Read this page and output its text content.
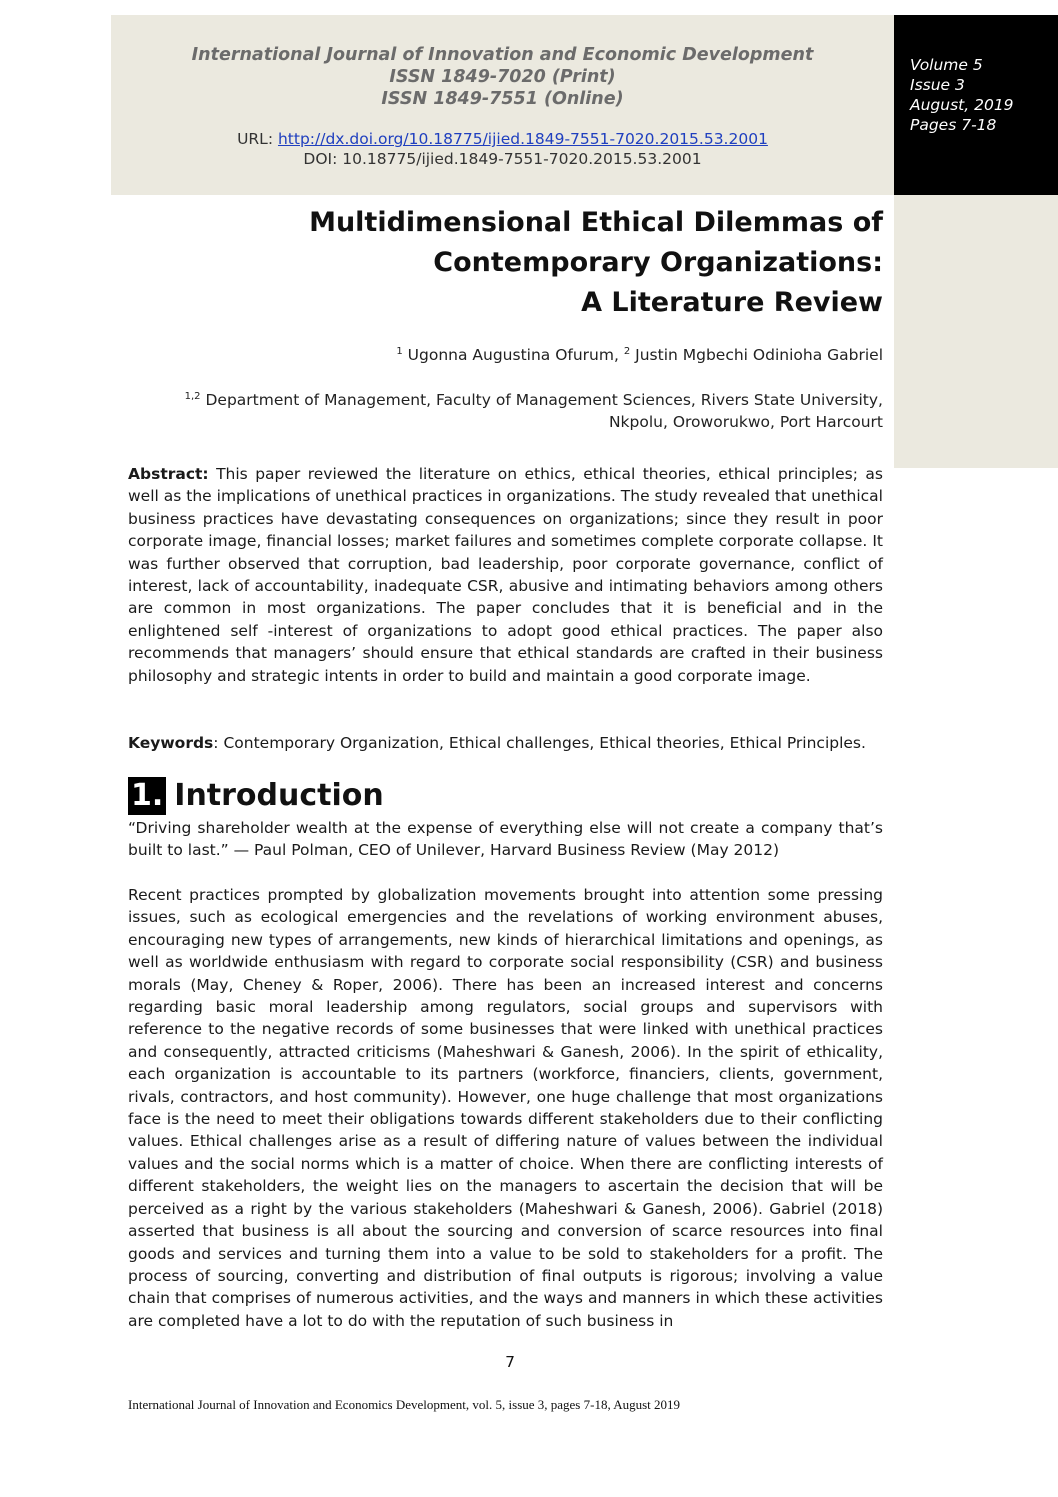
Volume 5
Issue 3
August, 2019
Pages 7-18
International Journal of Innovation and Economic Development
ISSN 1849-7020 (Print)
ISSN 1849-7551 (Online)
URL: http://dx.doi.org/10.18775/ijied.1849-7551-7020.2015.53.2001
DOI: 10.18775/ijied.1849-7551-7020.2015.53.2001
Multidimensional Ethical Dilemmas of
Contemporary Organizations:
A Literature Review
$^1$ Ugonna Augustina Ofurum, $^2$ Justin Mgbechi Odinioha Gabriel
$^{1,2}$ Department of Management, Faculty of Management Sciences, Rivers State University,
Nkpolu, Oroworukwo, Port Harcourt

Abstract: This paper reviewed the literature on ethics, ethical theories, ethical principles; as well as the implications of unethical practices in organizations. The study revealed that unethical business practices have devastating consequences on organizations; since they result in poor corporate image, financial losses; market failures and sometimes complete corporate collapse. It was further observed that corruption, bad leadership, poor corporate governance, conflict of interest, lack of accountability, inadequate CSR, abusive and intimating behaviors among others are common in most organizations. The paper concludes that it is beneficial and in the enlightened self -interest of organizations to adopt good ethical practices. The paper also recommends that managers’ should ensure that ethical standards are crafted in their business philosophy and strategic intents in order to build and maintain a good corporate image.

Keywords: Contemporary Organization, Ethical challenges, Ethical theories, Ethical Principles.

1. Introduction

“Driving shareholder wealth at the expense of everything else will not create a company that’s built to last.” — Paul Polman, CEO of Unilever, Harvard Business Review (May 2012)

Recent practices prompted by globalization movements brought into attention some pressing issues, such as ecological emergencies and the revelations of working environment abuses, encouraging new types of arrangements, new kinds of hierarchical limitations and openings, as well as worldwide enthusiasm with regard to corporate social responsibility (CSR) and business morals (May, Cheney & Roper, 2006). There has been an increased interest and concerns regarding basic moral leadership among regulators, social groups and supervisors with reference to the negative records of some businesses that were linked with unethical practices and consequently, attracted criticisms (Maheshwari & Ganesh, 2006). In the spirit of ethicality, each organization is accountable to its partners (workforce, financiers, clients, government, rivals, contractors, and host community). However, one huge challenge that most organizations face is the need to meet their obligations towards different stakeholders due to their conflicting values. Ethical challenges arise as a result of differing nature of values between the individual values and the social norms which is a matter of choice. When there are conflicting interests of different stakeholders, the weight lies on the managers to ascertain the decision that will be perceived as a right by the various stakeholders (Maheshwari & Ganesh, 2006). Gabriel (2018) asserted that business is all about the sourcing and conversion of scarce resources into final goods and services and turning them into a value to be sold to stakeholders for a profit. The process of sourcing, converting and distribution of final outputs is rigorous; involving a value chain that comprises of numerous activities, and the ways and manners in which these activities are completed have a lot to do with the reputation of such business in

7
International Journal of Innovation and Economics Development, vol. 5, issue 3, pages 7-18, August 2019
